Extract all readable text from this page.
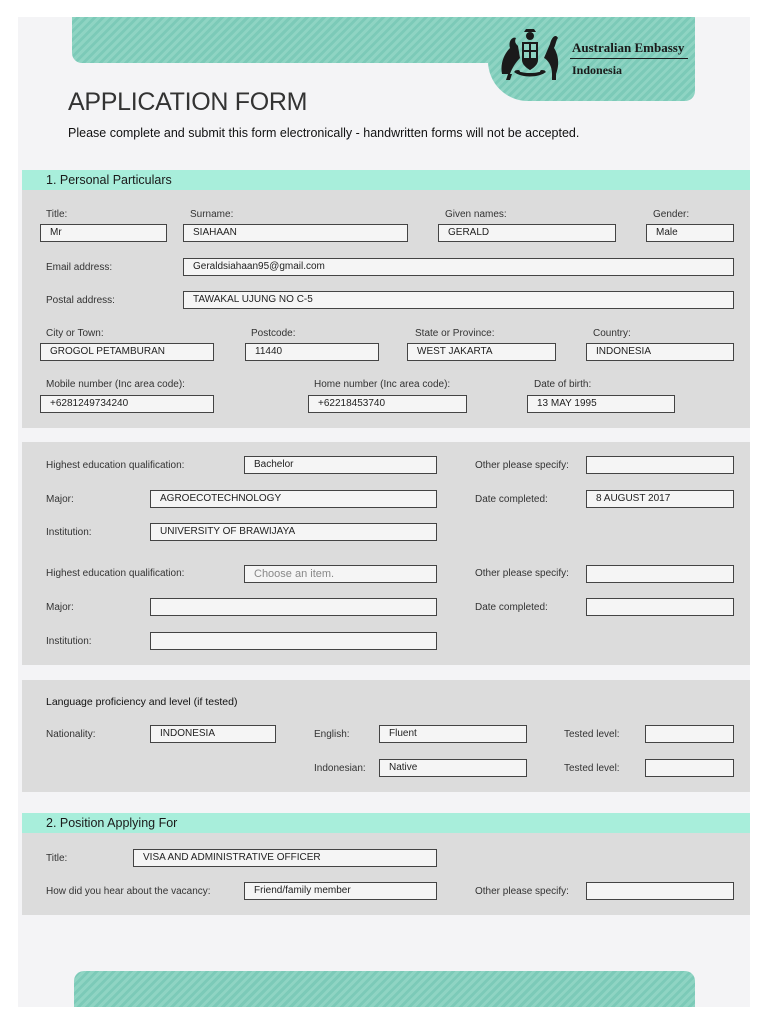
Australian Embassy
Indonesia
APPLICATION FORM
Please complete and submit this form electronically - handwritten forms will not be accepted.
1. Personal Particulars
Title:
Mr
Surname:
SIAHAAN
Given names:
GERALD
Gender:
Male
Email address:	Geraldsiahaan95@gmail.com
Postal address:	TAWAKAL UJUNG NO C-5
City or Town:
GROGOL PETAMBURAN
Postcode:
11440
State or Province:
WEST JAKARTA
Country:
INDONESIA
Mobile number (Inc area code):
+6281249734240
Home number (Inc area code):
+62218453740
Date of birth:
13 MAY 1995
Highest education qualification:	Bachelor	Other please specify:
Major:	AGROECOTECHNOLOGY	Date completed:	8 AUGUST 2017
Institution:	UNIVERSITY OF BRAWIJAYA
Highest education qualification:	Choose an item.	Other please specify:
Major:	Date completed:
Institution:
Language proficiency and level (if tested)
Nationality:	INDONESIA	English:	Fluent	Tested level:
Indonesian:	Native	Tested level:
2. Position Applying For
Title:	VISA AND ADMINISTRATIVE OFFICER
How did you hear about the vacancy:	Friend/family member	Other please specify:
